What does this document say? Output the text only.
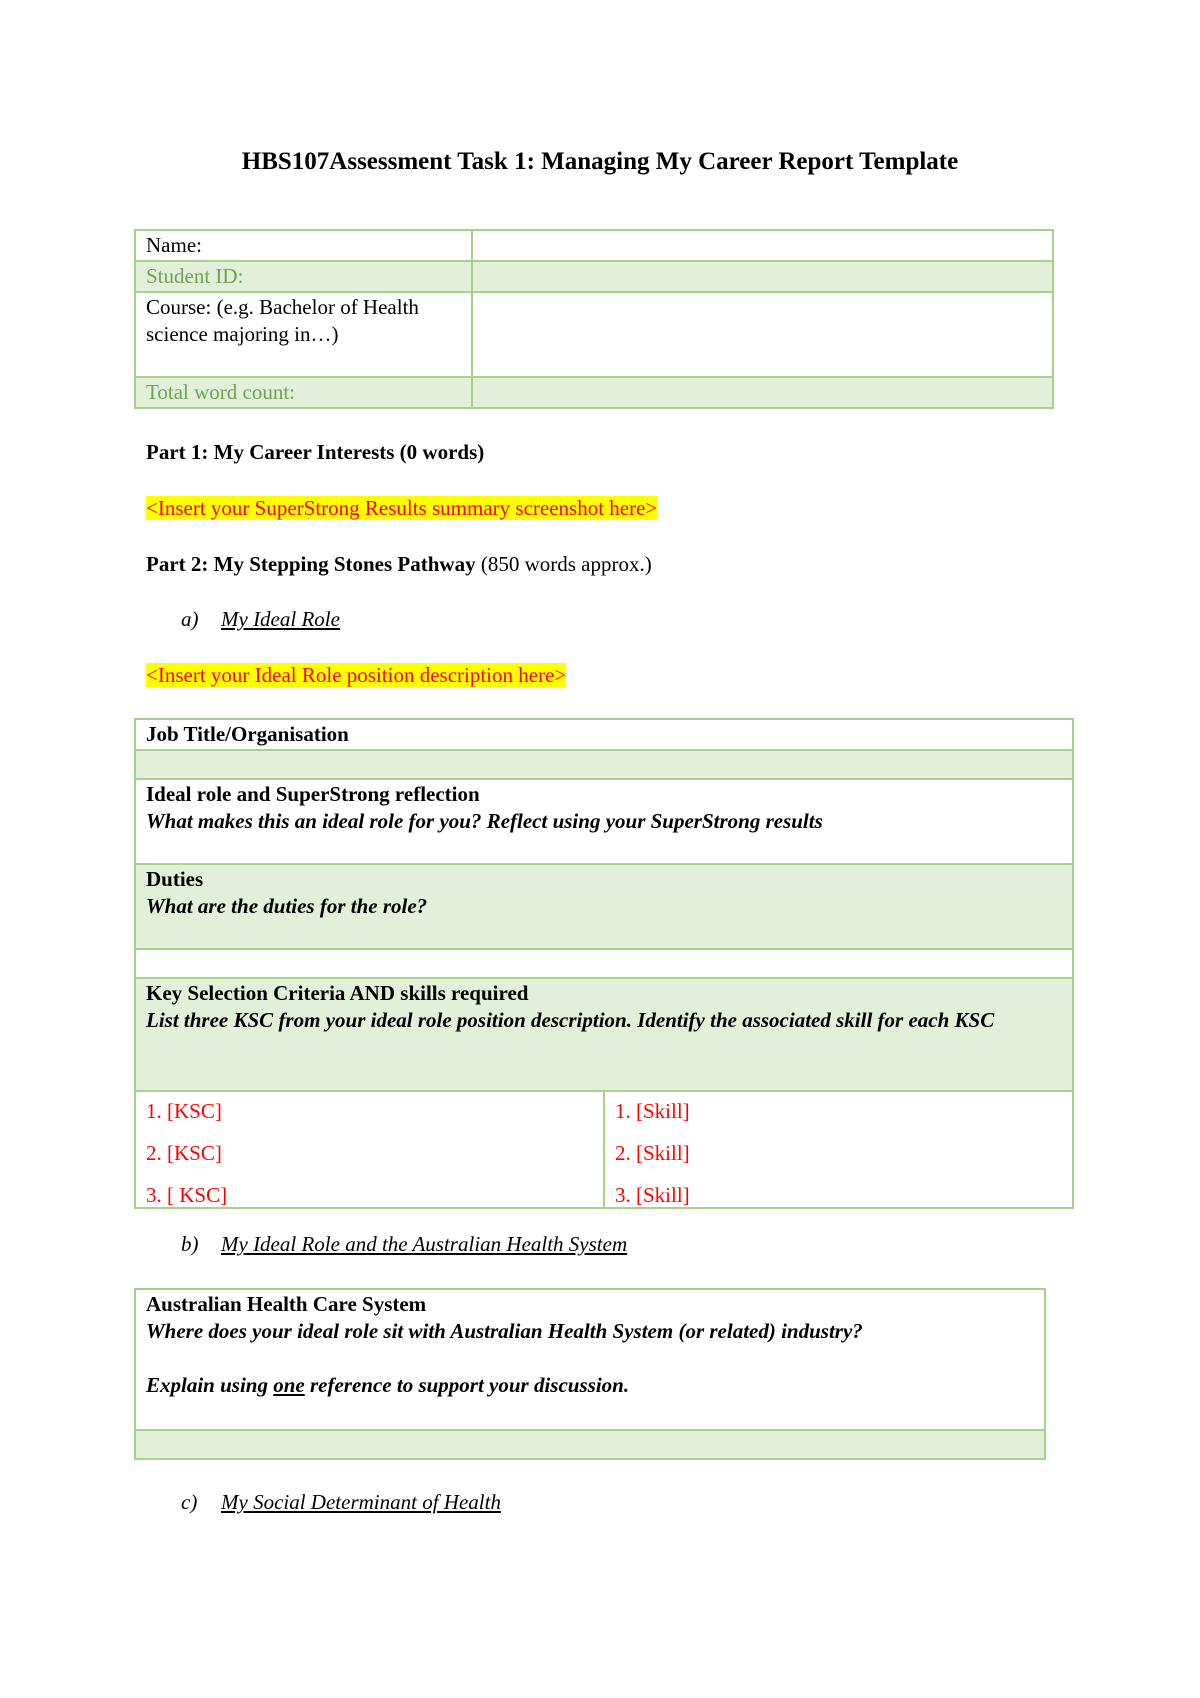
HBS107Assessment Task 1: Managing My Career Report Template
Name:	
Student ID:	
Course: (e.g. Bachelor of Health science majoring in…)	
Total word count:	
Part 1: My Career Interests (0 words)
<Insert your SuperStrong Results summary screenshot here>
Part 2: My Stepping Stones Pathway (850 words approx.)
a) My Ideal Role
<Insert your Ideal Role position description here>
Job Title/Organisation

Ideal role and SuperStrong reflection
What makes this an ideal role for you? Reflect using your SuperStrong results

Duties
What are the duties for the role?

Key Selection Criteria AND skills required
List three KSC from your ideal role position description. Identify the associated skill for each KSC

1. [KSC]
2. [KSC]
3. [ KSC]

1. [Skill]
2. [Skill]
3. [Skill]
b) My Ideal Role and the Australian Health System
Australian Health Care System
Where does your ideal role sit with Australian Health System (or related) industry?
Explain using one reference to support your discussion.

c) My Social Determinant of Health
